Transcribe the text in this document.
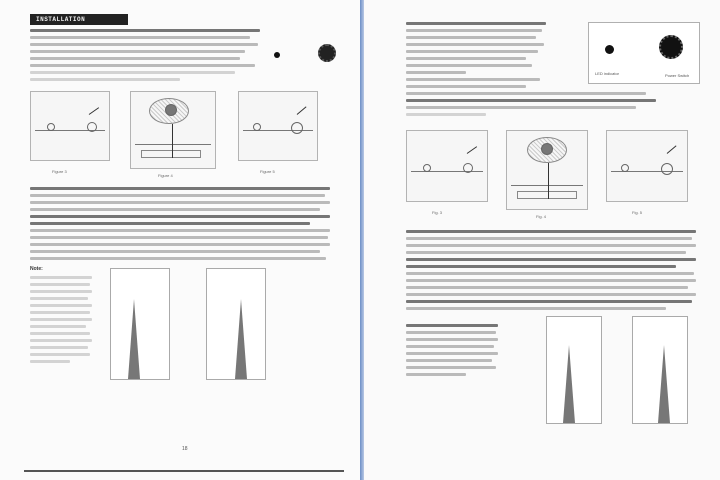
INSTALLATION
Figure 3
Figure 4
Figure 5
Note:
18
LED indicator	Power Switch
Fig. 3
Fig. 4
Fig. 5
